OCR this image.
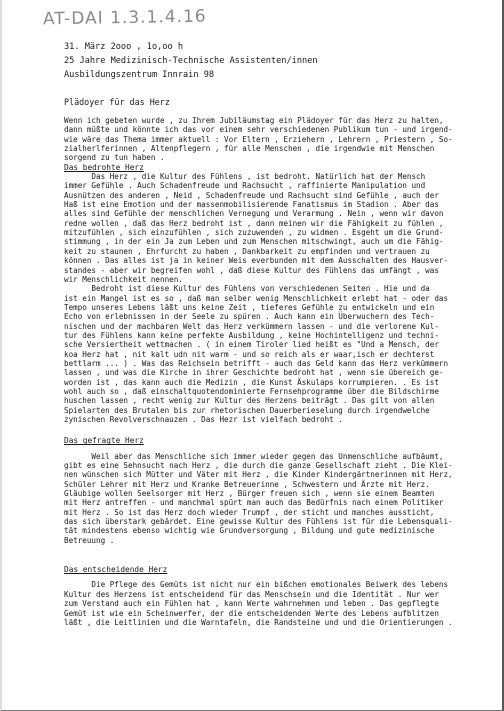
AT-DAI 1.3.1.4.16
31. März 2ooo , 1o,oo h
25 Jahre Medizinisch-Technische Assistenten/innen
Ausbildungszentrum Innrain 98
Plädoyer für das Herz

Wenn ich gebeten wurde , zu Ihrem Jubiläumstag ein Plädoyer für das Herz zu halten,
dann müßte und könnte ich das vor einem sehr verschiedenen Publikum tun - und irgend-
wie wäre das Thema immer aktuell : Vor Eltern , Erziehern , Lehrern , Priestern , So-
zialherlferinnen , Altenpflegern , für alle Menschen , die irgendwie mit Menschen
sorgend zu tun haben .

Das bedrohte Herz

Das Herz , die Kultur des Fühlens , ist bedroht. Natürlich hat der Mensch
immer Gefühle . Auch Schadenfreude und Rachsucht , raffinierte Manipulation und
Ausnützen des anderen , Neid , Schadenfreude und Rachsucht sind Gefühle , auch der
Haß ist eine Emotion und der massenmobilisierende Fanatismus im Stadion . Aber das
alles sind Gefühle der menschlichen Vernegung und Verarmung . Nein , wenn wir davon
redne wollen , daß das Herz bedroht ist , dann meinen wir die Fähigkeit zu fühlen ,
mitzufühlen , sich einzufühlen , sich zuzuwenden , zu widmen . Esgeht um die Grund-
stimmung , in der ein Ja zum Leben und zum Menschen mitschwingt, auch um die Fähig-
keit zu staunen , Ehrfurcht zu haben , Dankbarkeit zu empfinden und vertrauen zu
können . Das alles ist ja in keiner Weis everbunden mit dem Ausschalten des Hausver-
standes - aber wir begreifen wohl , daß diese Kultur des Fühlens das umfängt , was
wir Menschlichkeit nennen.

Bedroht ist diese Kultur des Fühlens von verschiedenen Seiten . Hie und da
ist ein Mangel ist es so , daß man selber wenig Menschlichkeit erlebt hat - oder das
Tempo unseres Lebens läßt uns keine Zeit , tieferes Gefühle zu entwickeln und ein
Echo von erlebnissen in der Seele zu spüren . Auch kann ein Überwuchern des Tech-
nischen und der machbaren Welt das Herz verkümmern lassen - und die verlorene Kul-
tur des Fühlens kann keine perfekte Ausbildung , keine Hochintelligenz und techni-
sche Versiertheit wettmachen . ( in einem Tiroler lied heißt es "Und a Mensch, der
koa Herz hat , nit kalt udn nit warm - und so reich als er waar,isch er dechterst
bettlarm ... ) . Was das Reichsein betrifft - auch das Geld kann das Herz verkümmern
lassen , und was die Kirche in ihrer Geschichte bedroht hat , wenn sie übereich ge-
worden ist , das kann auch die Medizin , die Kunst Äskulaps korrumpieren. . Es ist
wohl auch so , daß einschaltquotendominierte Fernsehprogramme über die Bildschirme
huschen lassen , recht wenig zur Kultur des Herzens beiträgt . Das gilt von allen
Spielarten des Brutalen bis zur rhetorischen Dauerberieselung durch irgendwelche
zynischen Revolverschnauzen . Das Hezr ist vielfach bedroht .

Das gefragte Herz

Weil aber das Menschliche sich immer wieder gegen das Unmenschliche aufbäumt,
gibt es eine Sehnsucht nach Herz , die durch die ganze Gesellschaft zieht . Die Klei-
nen wünschen sich Mütter und Väter mit Herz , die Kinder Kindergärtnerinnen mit Herz,
Schüler Lehrer mit Herz und Kranke Betreuerinne , Schwestern und Ärzte mit Herz.
Gläubige wollen Seelsorger mit Herz , Bürger freuen sich , wenn sie einem Beamten
mit Herz antreffen - und manchmal spürt man auch das Bedürfnis nach einem Politiker
mit Herz . So ist das Herz doch wieder Trumpf , der sticht und manches aussticht,
das sich überstark gebärdet. Eine gewisse Kultur des Fühlens ist für die Lebensquali-
tät mindestens ebenso wichtig wie Grundversorgung , Bildung und gute medizinische
Betreuung .

Das entscheidende Herz

Die Pflege des Gemüts ist nicht nur ein bißchen emotionales Beiwerk des lebens
Kultur des Herzens ist entscheidend für das Menschsein und die Identität . Nur wer
zum Verstand auch ein Fühlen hat , kann Werte wahrnehmen und leben . Das gepflegte
Gemüt ist wie ein Scheinwerfer, der die entscheidenden Werte des Lebens aufblitzen
läßt , die Leitlinien und die Warntafeln, die Randsteine und und die Orientierungen .
